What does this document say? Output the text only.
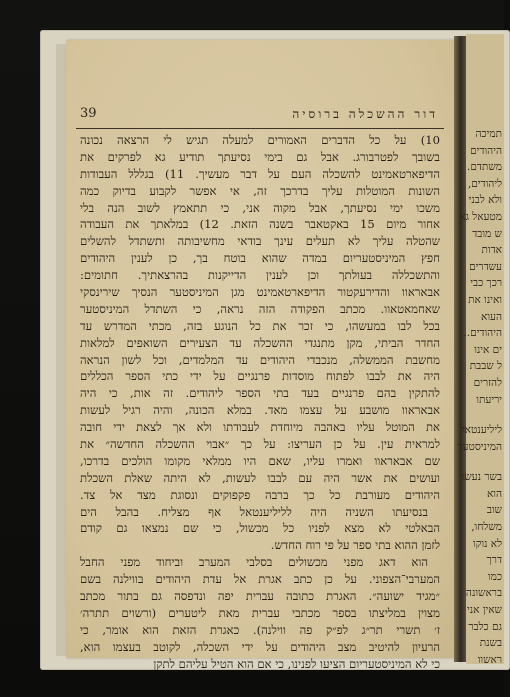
39	דור ההשכלה ברוסיה
10) על כל הדברים האמורים למעלה תגיש לי הרצאה נכונה
בשובך לפטרבורג. אבל גם בימי נסיעתך תודיע גא לפרקים את
הדיפארטאמינט להשכלה העם על דבר מעשיך. 11) בגללל העבודות
השונות המוטלות עליך בדרכך זה, אי אפשר לקבוע בדיוק כמה
משכו ימי נסיעתך, אבל מקוה אני, כי תתאמץ לשוב הנה בלי
אחור מיום 15 באקטאבר בשנה הזאת. 12) במלאתך את העבודה
שהטלה עליך לא תעלים עינך בודאי מחשיבותה ותשתדל להשלים
חפץ המיניסטעריום במדה שהוא בוטח בך, כן לענין היהודים
והתשכללה בעולתך וכן לענין הדייקנות בהרצאתיך. חתומים:
אבאראוו והדירעקטור הדיפארטאמינט מגן המיניסטער הנסיך שירינסקי
שאחמאטאוו. מכתב הפקודה הזה נראה, כי השתדל המיניסטער
בכל לבו במעשהו, כי זכר את כל הנוגע בזה, מכתי המדרש עד
החדר הביתי, מקן מתנגדי ההשכלה עד הצעירים השואפים למלאות
מחשבת הממשלה, מנכבדי היהודים עד המלמדים, וכל לשון הנראה
היה את לבבו לפתוח מוסדות פרנגיים על ידי כתי הספר הכללים
להתקין בהם פרנגיים בעד בתי הספר ליהודים. זה אות, כי היה
אבאראוו מושבע על עצמו מאד. במלא הכונה, והיה רגיל לעשות
את המוטל עליו באהבה מיוחדת לעבודתו ולא אך לצאת ידי חובה
למראית עין. על כן העריצו: על כך ״אבוי ההשכלה החדשה״ את
שם אבאראוו ואמרו עליו, שאם היו ממלאי מקומו הולכים בדרכו,
ועושים את אשר היה עם לבבו לעשות, לא היתה שאלת השכלת
היהודים מעורבת כל כך ברבה פקפוקים ונסוגת מצד אל צד.
בנסיעתו השניה היה לליליענטאל אף מצליח. בהבל הים
הבאלטי לא מצא לפניו כל מכשול, כי שם נמצאו גם קודם
לזמן ההוא בתי ספר על פי רוח החדש.
הוא דאג מפני מכשולים בסלבי המערב וביחוד מפני החבל
המערבי־הצפוני. על כן כתב אגרת אל עדת היהודים בווילנה בשם
״מגיד ישועה״. האגרת כתובה עברית יפה ונדפסה גם בתור מכתב
מצוין במליצתו בספר מכתבי עברית מאת ליטערים (ורשוים תתרה׳
ז׳ תשרי תר״ג לפ״ק פה ווילנה). כאגרת הזאת הוא אומר, כי
הרעיון להיטיב מצב היהודים על ידי השכלה, לקוטב בעצמו הוא,
כי לא המיניסטעריום הציעו לפנינו, כי אם הוא הטיל עליהם לתקן
תמיכה
היהודים
משתדם.
ליהודים,
ולא לבני
מטעאל גא
ש מובד
אדות
עשדרים
רכך כבי
ואינו את
העוא
היהודים..
ים אינו
ל שבבת
להזרים
יריעתו
ליליענטאל
המיניסטער
בשר נעשו
הוא
שוב
משלחו,
לא נוקו
דרך
כמו
בראשונה
שאין אני
גם כלבר
בשנת
ראשוו
